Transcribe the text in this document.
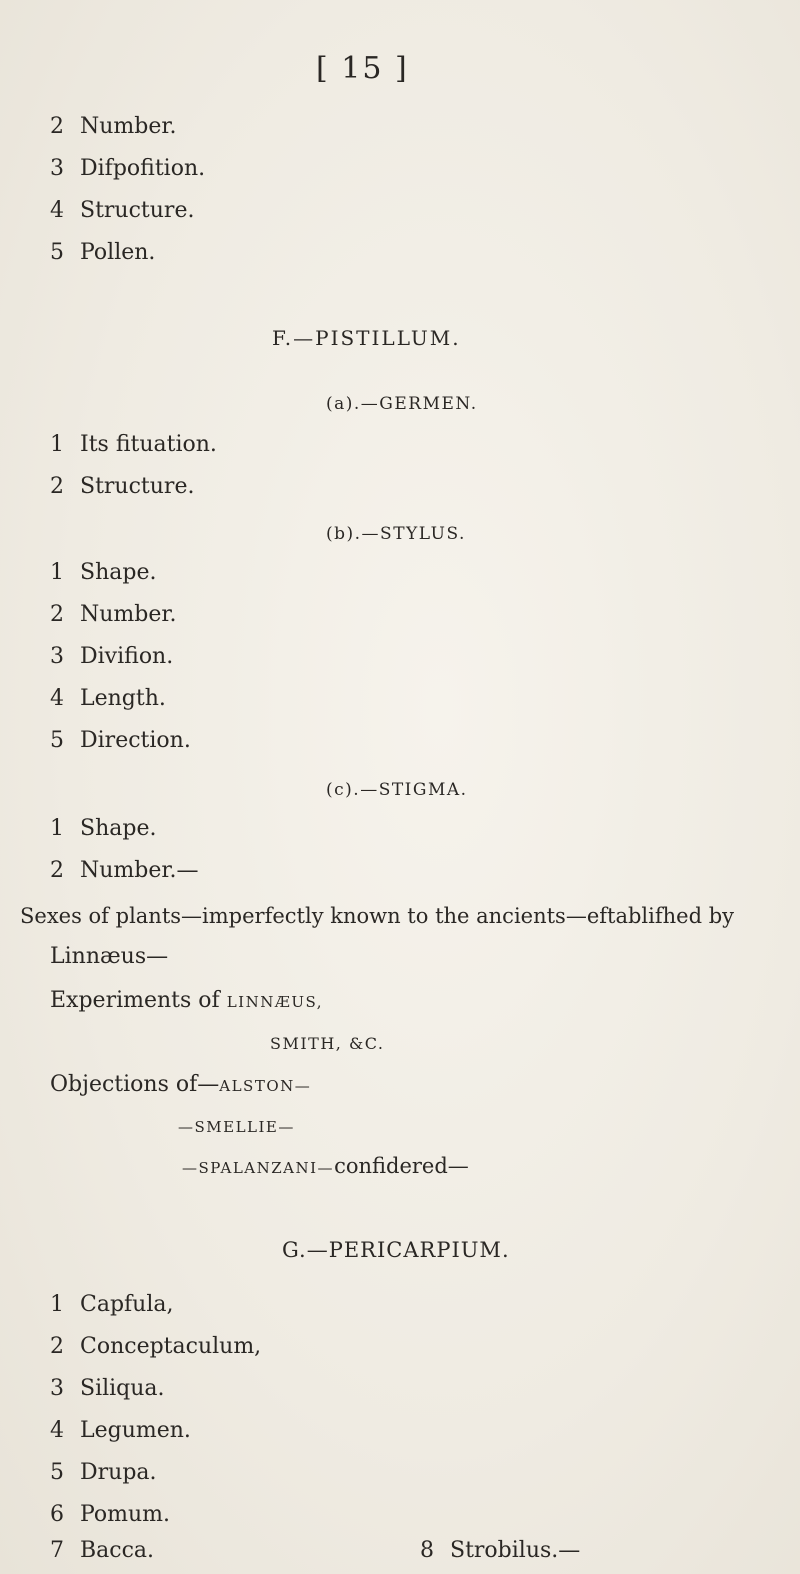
[ 15 ]
2 Number.
3 Difpofition.
4 Structure.
5 Pollen.
F.—PISTILLUM.
(a).—GERMEN.
1 Its fituation.
2 Structure.
(b).—STYLUS.
1 Shape.
2 Number.
3 Divifion.
4 Length.
5 Direction.
(c).—STIGMA.
1 Shape.
2 Number.—
Sexes of plants—imperfectly known to the ancients—eftablifhed by
Linnæus—
Experiments of LINNÆUS,
SMITH, &C.
Objections of—ALSTON—
—SMELLIE—
—SPALANZANI—confidered—
G.—PERICARPIUM.
1 Capfula,
2 Conceptaculum,
3 Siliqua.
4 Legumen.
5 Drupa.
6 Pomum.
7 Bacca.	8 Strobilus.—
